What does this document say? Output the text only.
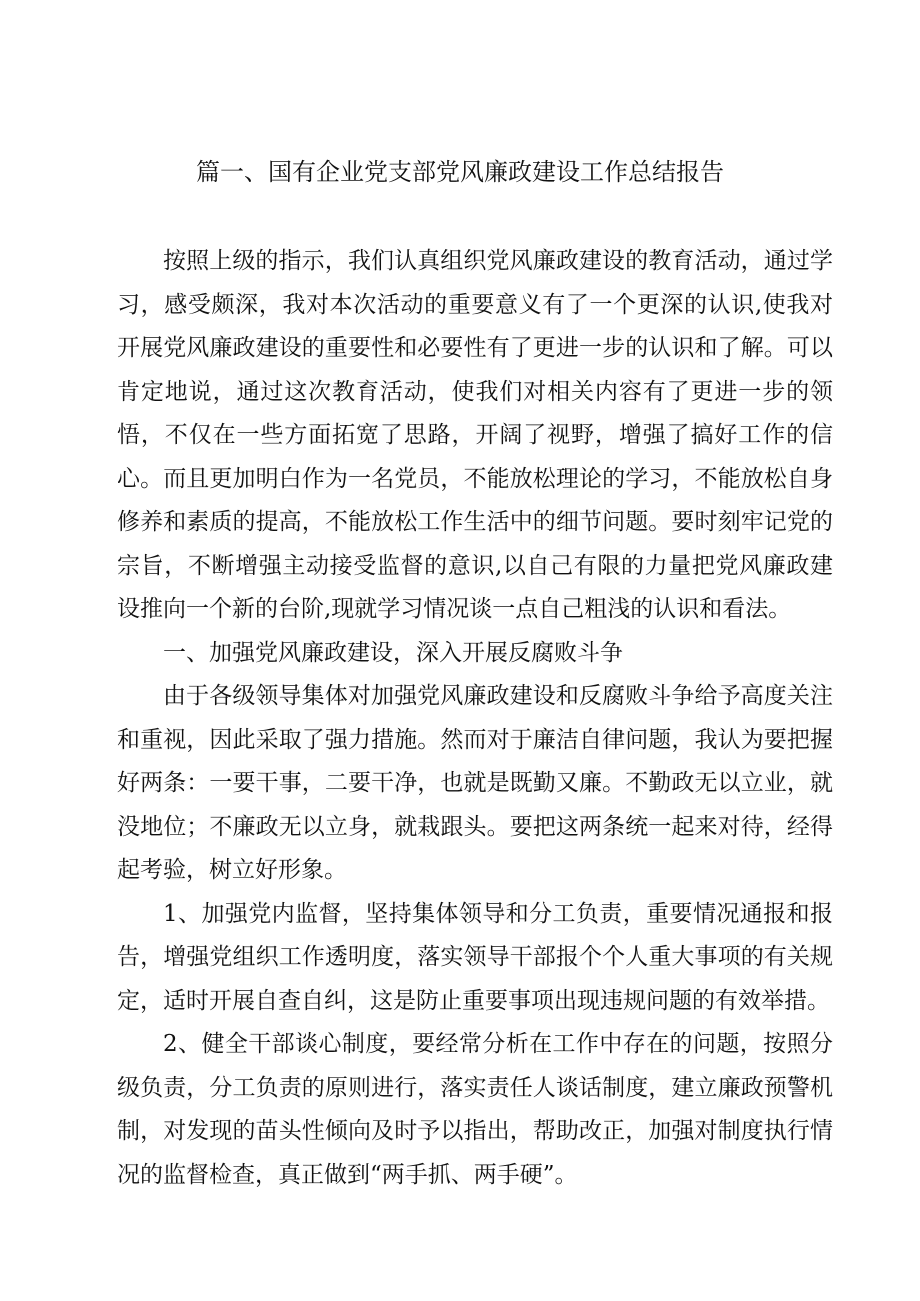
篇一、国有企业党支部党风廉政建设工作总结报告

按照上级的指示，我们认真组织党风廉政建设的教育活动，通过学习，感受颇深，我对本次活动的重要意义有了一个更深的认识,使我对开展党风廉政建设的重要性和必要性有了更进一步的认识和了解。可以肯定地说，通过这次教育活动，使我们对相关内容有了更进一步的领悟，不仅在一些方面拓宽了思路，开阔了视野，增强了搞好工作的信心。而且更加明白作为一名党员，不能放松理论的学习，不能放松自身修养和素质的提高，不能放松工作生活中的细节问题。要时刻牢记党的宗旨，不断增强主动接受监督的意识,以自己有限的力量把党风廉政建设推向一个新的台阶,现就学习情况谈一点自己粗浅的认识和看法。

一、加强党风廉政建设，深入开展反腐败斗争

由于各级领导集体对加强党风廉政建设和反腐败斗争给予高度关注和重视，因此采取了强力措施。然而对于廉洁自律问题，我认为要把握好两条：一要干事，二要干净，也就是既勤又廉。不勤政无以立业，就没地位；不廉政无以立身，就栽跟头。要把这两条统一起来对待，经得起考验，树立好形象。

1、加强党内监督，坚持集体领导和分工负责，重要情况通报和报告，增强党组织工作透明度，落实领导干部报个个人重大事项的有关规定，适时开展自查自纠，这是防止重要事项出现违规问题的有效举措。

2、健全干部谈心制度，要经常分析在工作中存在的问题，按照分级负责，分工负责的原则进行，落实责任人谈话制度，建立廉政预警机制，对发现的苗头性倾向及时予以指出，帮助改正，加强对制度执行情况的监督检查，真正做到“两手抓、两手硬”。
